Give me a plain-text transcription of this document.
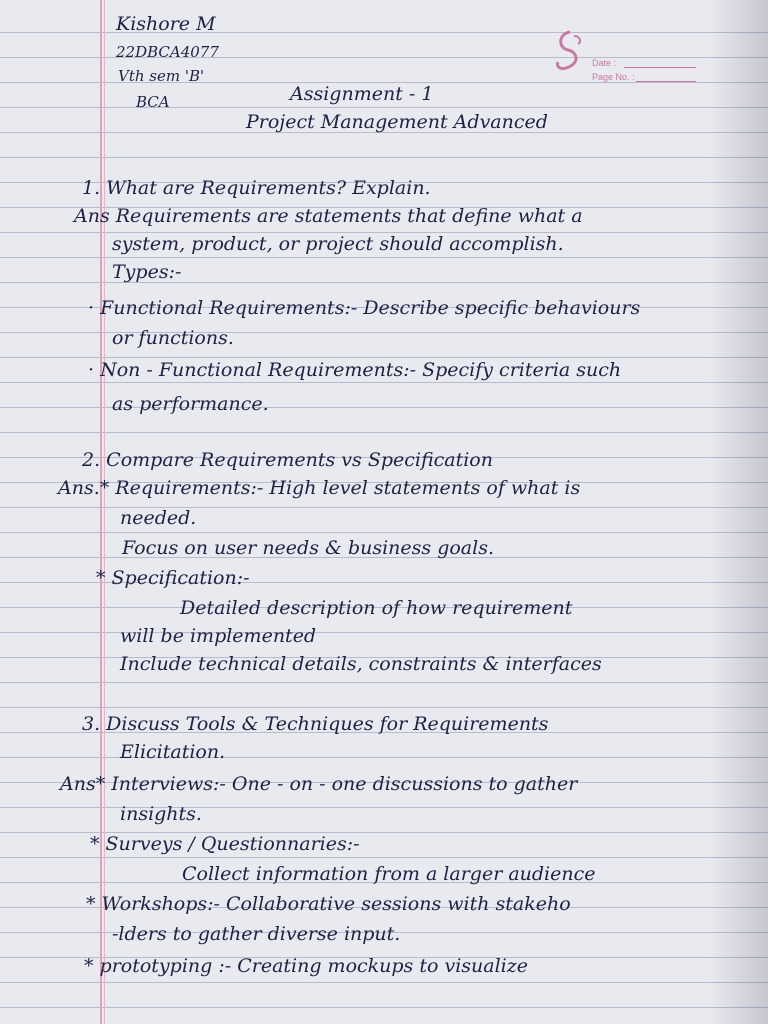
Date :
Page No. :
Kishore M
22DBCA4077
Vth sem 'B'
BCA	Assignment - 1
Project Management Advanced
1. What are Requirements? Explain.
Ans Requirements are statements that define what a
system, product, or project should accomplish.
Types:-
· Functional Requirements:- Describe specific behaviours
or functions.
· Non - Functional Requirements:- Specify criteria such
as performance.
2. Compare Requirements vs Specification
Ans.* Requirements:- High level statements of what is
needed.
Focus on user needs & business goals.
* Specification:-
Detailed description of how requirement
will be implemented
Include technical details, constraints & interfaces
3. Discuss Tools & Techniques for Requirements
Elicitation.
Ans* Interviews:- One - on - one discussions to gather
insights.
* Surveys / Questionnaries:-
Collect information from a larger audience
* Workshops:- Collaborative sessions with stakeho
-lders to gather diverse input.
* prototyping :- Creating mockups to visualize
